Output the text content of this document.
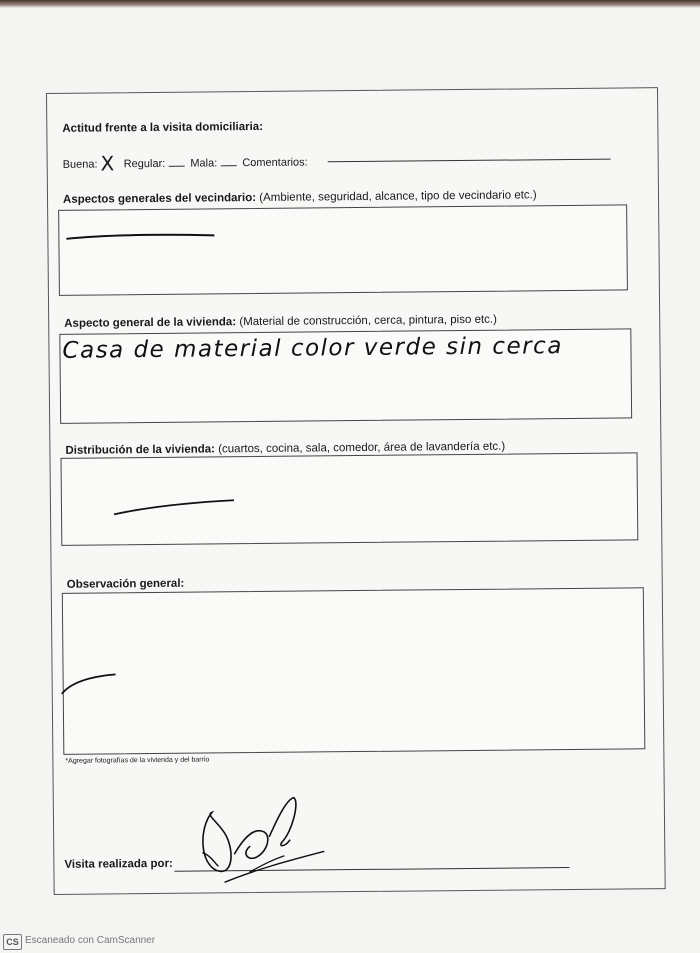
Actitud frente a la visita domiciliaria:
Buena: X Regular: Mala: Comentarios:
Aspectos generales del vecindario: (Ambiente, seguridad, alcance, tipo de vecindario etc.)
Aspecto general de la vivienda: (Material de construcción, cerca, pintura, piso etc.)
Casa de material color verde sin cerca
Distribución de la vivienda: (cuartos, cocina, sala, comedor, área de lavandería etc.)
Observación general:
*Agregar fotografías de la vivienda y del barrio
Visita realizada por:
CS Escaneado con CamScanner
